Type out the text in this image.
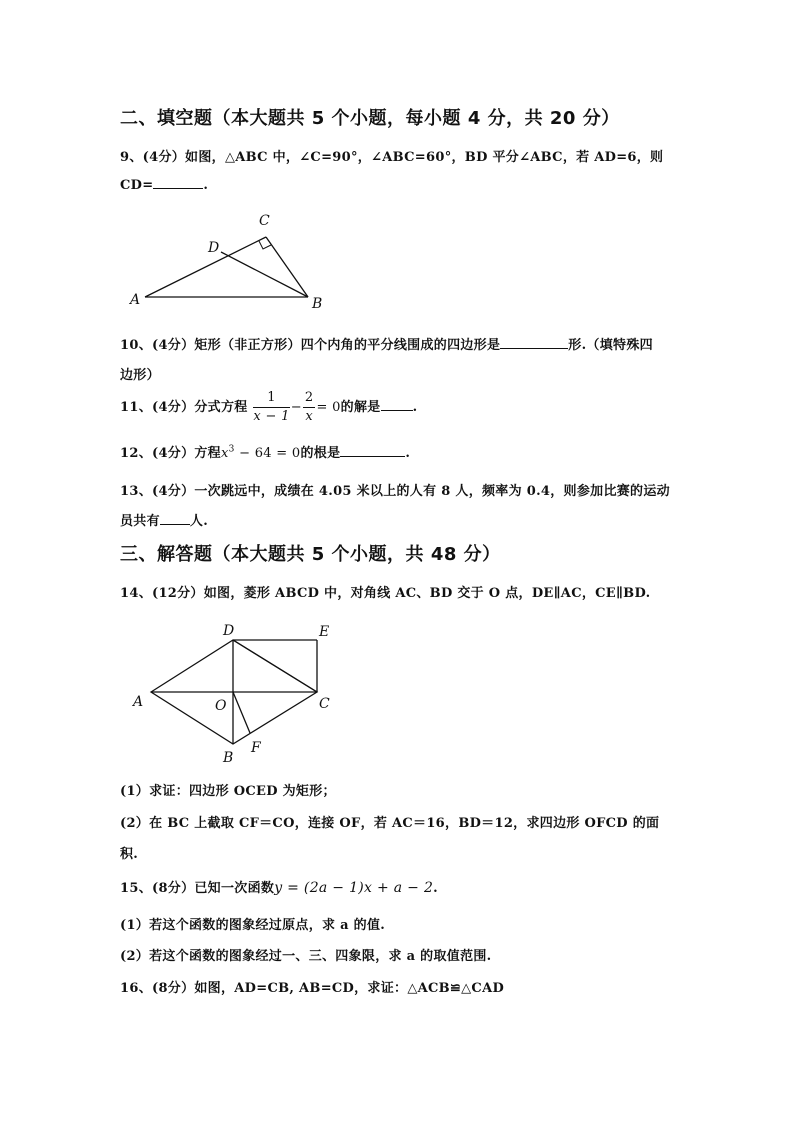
二、填空题（本大题共 5 个小题，每小题 4 分，共 20 分）
9、(4分）如图，△ABC 中，∠C=90°，∠ABC=60°，BD 平分∠ABC，若 AD=6，则
CD=	.
A	B
C
D
10、(4分）矩形（非正方形）四个内角的平分线围成的四边形是	形.（填特殊四
边形）
11、(4分）分式方程 $\frac{1}{x - 1} - \frac{2}{x} = 0$的解是 .
12、(4分）方程$x^3 - 64 = 0$的根是	.
13、(4分）一次跳远中，成绩在 4.05 米以上的人有 8 人，频率为 0.4，则参加比赛的运动
员共有 人.
三、解答题（本大题共 5 个小题，共 48 分）
14、(12分）如图，菱形 ABCD 中，对角线 AC、BD 交于 O 点，DE∥AC，CE∥BD.
A
B
C
D	E
O
F
(1）求证：四边形 OCED 为矩形；
(2）在 BC 上截取 CF＝CO，连接 OF，若 AC＝16，BD＝12，求四边形 OFCD 的面
积.
15、(8分）已知一次函数y = (2a − 1)x + a − 2.
(1）若这个函数的图象经过原点，求 a 的值.
(2）若这个函数的图象经过一、三、四象限，求 a 的取值范围.
16、(8分）如图，AD=CB, AB=CD，求证：△ACB≌△CAD
